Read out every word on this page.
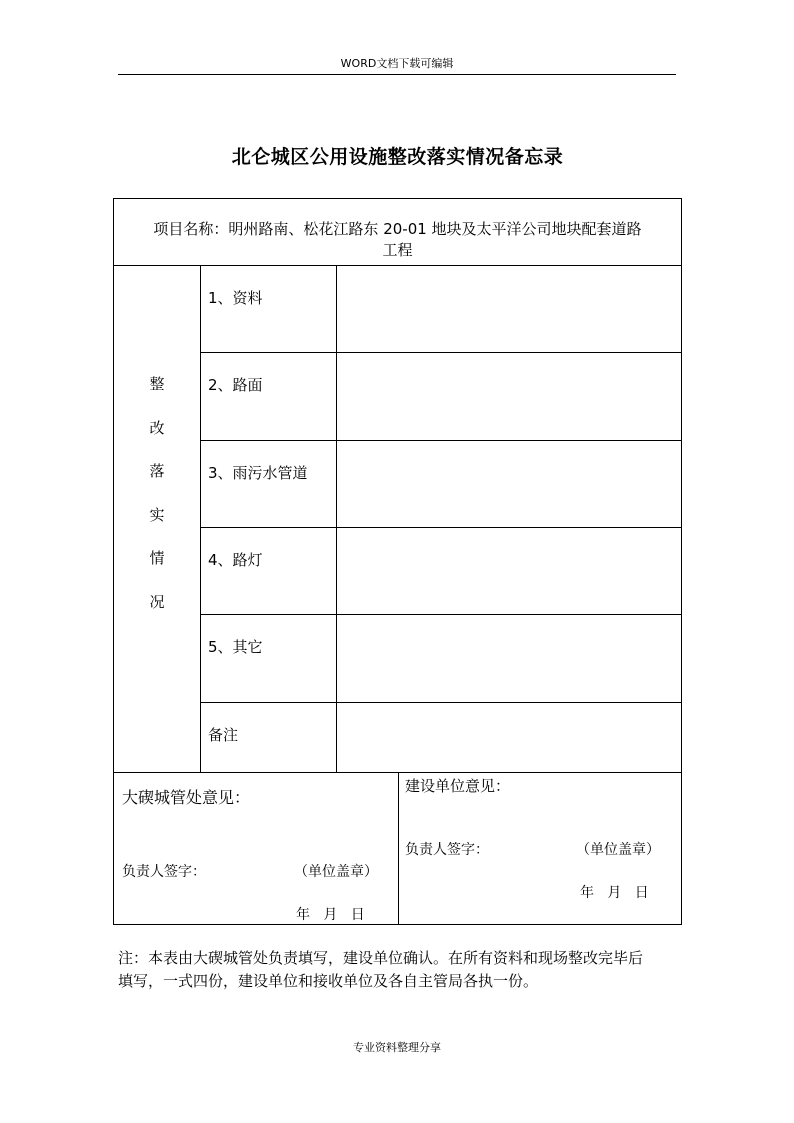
WORD文档下载可编辑
北仑城区公用设施整改落实情况备忘录
项目名称：明州路南、松花江路东 20-01 地块及太平洋公司地块配套道路
工程
整
改
落
实
情
况
1、资料
2、路面
3、雨污水管道
4、路灯
5、其它
备注
大碶城管处意见：
负责人签字：	（单位盖章）
年   月   日
建设单位意见：
负责人签字：	（单位盖章）
年   月   日
注：本表由大碶城管处负责填写，建设单位确认。在所有资料和现场整改完毕后
填写，一式四份，建设单位和接收单位及各自主管局各执一份。
专业资料整理分享
